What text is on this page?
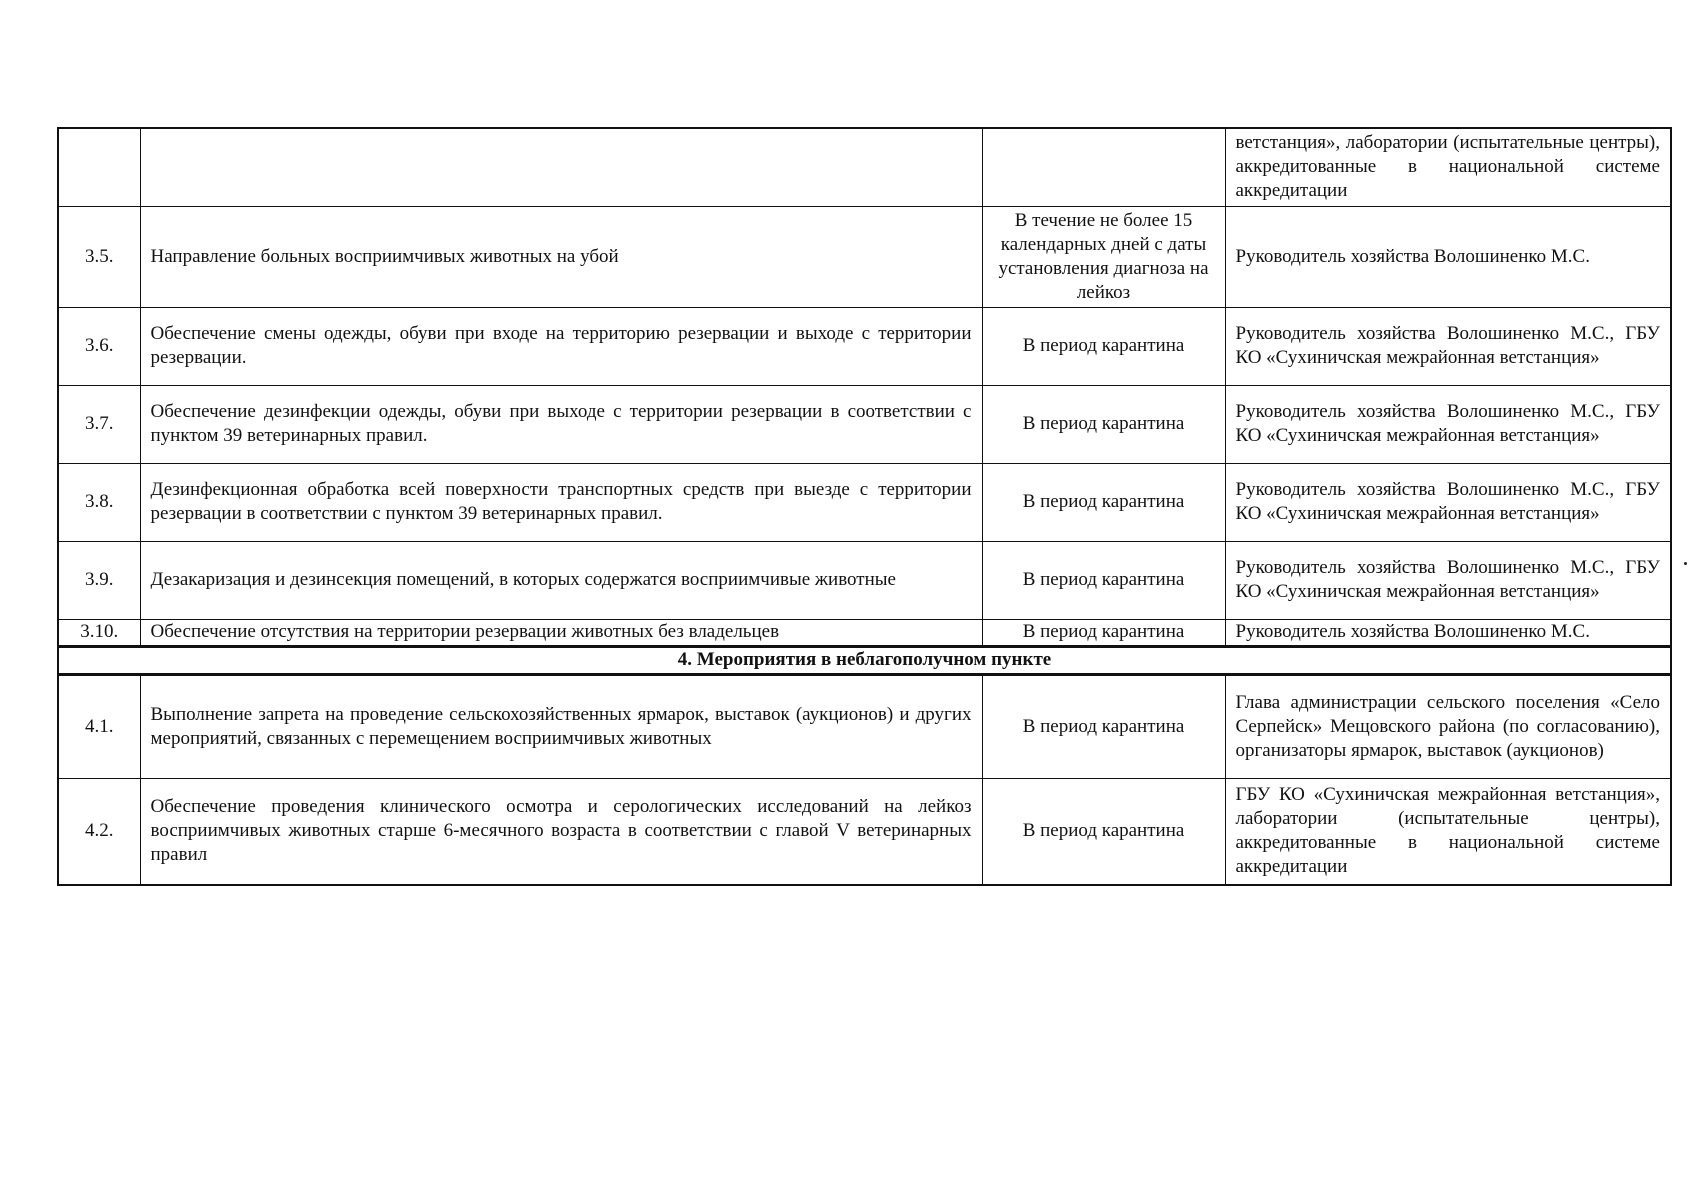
			ветстанция», лаборатории (испытательные центры), аккредитованные в национальной системе аккредитации
3.5.	Направление больных восприимчивых животных на убой	В течение не более 15 календарных дней с даты установления диагноза на лейкоз	Руководитель хозяйства Волошиненко М.С.
3.6.	Обеспечение смены одежды, обуви при входе на территорию резервации и выходе с территории резервации.	В период карантина	Руководитель хозяйства Волошиненко М.С., ГБУ КО «Сухиничская межрайонная ветстанция»
3.7.	Обеспечение дезинфекции одежды, обуви при выходе с территории резервации в соответствии с пунктом 39 ветеринарных правил.	В период карантина	Руководитель хозяйства Волошиненко М.С., ГБУ КО «Сухиничская межрайонная ветстанция»
3.8.	Дезинфекционная обработка всей поверхности транспортных средств при выезде с территории резервации в соответствии с пунктом 39 ветеринарных правил.	В период карантина	Руководитель хозяйства Волошиненко М.С., ГБУ КО «Сухиничская межрайонная ветстанция»
3.9.	Дезакаризация и дезинсекция помещений, в которых содержатся восприимчивые животные	В период карантина	Руководитель хозяйства Волошиненко М.С., ГБУ КО «Сухиничская межрайонная ветстанция»
3.10.	Обеспечение отсутствия на территории резервации животных без владельцев	В период карантина	Руководитель хозяйства Волошиненко М.С.
4. Мероприятия в неблагополучном пункте			
4.1.	Выполнение запрета на проведение сельскохозяйственных ярмарок, выставок (аукционов) и других мероприятий, связанных с перемещением восприимчивых животных	В период карантина	Глава администрации сельского поселения «Село Серпейск» Мещовского района (по согласованию), организаторы ярмарок, выставок (аукционов)
4.2.	Обеспечение проведения клинического осмотра и серологических исследований на лейкоз восприимчивых животных старше 6-месячного возраста в соответствии с главой V ветеринарных правил	В период карантина	ГБУ КО «Сухиничская межрайонная ветстанция», лаборатории (испытательные центры), аккредитованные в национальной системе аккредитации
